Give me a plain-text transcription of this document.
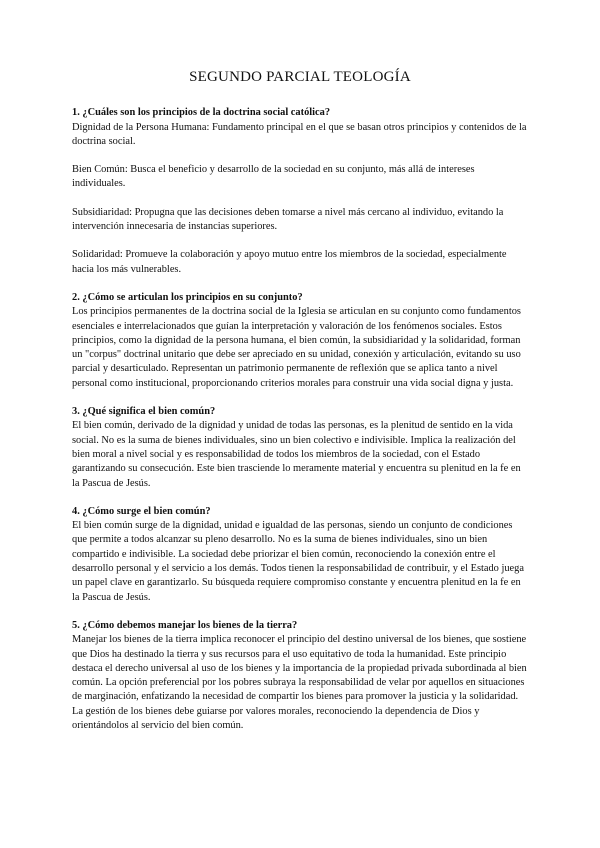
SEGUNDO PARCIAL TEOLOGÍA

1. ¿Cuáles son los principios de la doctrina social católica?

Dignidad de la Persona Humana: Fundamento principal en el que se basan otros principios y contenidos de la doctrina social.

Bien Común: Busca el beneficio y desarrollo de la sociedad en su conjunto, más allá de intereses individuales.

Subsidiaridad: Propugna que las decisiones deben tomarse a nivel más cercano al individuo, evitando la intervención innecesaria de instancias superiores.

Solidaridad: Promueve la colaboración y apoyo mutuo entre los miembros de la sociedad, especialmente hacia los más vulnerables.

2. ¿Cómo se articulan los principios en su conjunto?

Los principios permanentes de la doctrina social de la Iglesia se articulan en su conjunto como fundamentos esenciales e interrelacionados que guían la interpretación y valoración de los fenómenos sociales. Estos principios, como la dignidad de la persona humana, el bien común, la subsidiaridad y la solidaridad, forman un "corpus" doctrinal unitario que debe ser apreciado en su unidad, conexión y articulación, evitando su uso parcial y desarticulado. Representan un patrimonio permanente de reflexión que se aplica tanto a nivel personal como institucional, proporcionando criterios morales para construir una vida social digna y justa.

3. ¿Qué significa el bien común?

El bien común, derivado de la dignidad y unidad de todas las personas, es la plenitud de sentido en la vida social. No es la suma de bienes individuales, sino un bien colectivo e indivisible. Implica la realización del bien moral a nivel social y es responsabilidad de todos los miembros de la sociedad, con el Estado garantizando su consecución. Este bien trasciende lo meramente material y encuentra su plenitud en la fe en la Pascua de Jesús.

4. ¿Cómo surge el bien común?

El bien común surge de la dignidad, unidad e igualdad de las personas, siendo un conjunto de condiciones que permite a todos alcanzar su pleno desarrollo. No es la suma de bienes individuales, sino un bien compartido e indivisible. La sociedad debe priorizar el bien común, reconociendo la conexión entre el desarrollo personal y el servicio a los demás. Todos tienen la responsabilidad de contribuir, y el Estado juega un papel clave en garantizarlo. Su búsqueda requiere compromiso constante y encuentra plenitud en la fe en la Pascua de Jesús.

5. ¿Cómo debemos manejar los bienes de la tierra?

Manejar los bienes de la tierra implica reconocer el principio del destino universal de los bienes, que sostiene que Dios ha destinado la tierra y sus recursos para el uso equitativo de toda la humanidad. Este principio destaca el derecho universal al uso de los bienes y la importancia de la propiedad privada subordinada al bien común. La opción preferencial por los pobres subraya la responsabilidad de velar por aquellos en situaciones de marginación, enfatizando la necesidad de compartir los bienes para promover la justicia y la solidaridad. La gestión de los bienes debe guiarse por valores morales, reconociendo la dependencia de Dios y orientándolos al servicio del bien común.
